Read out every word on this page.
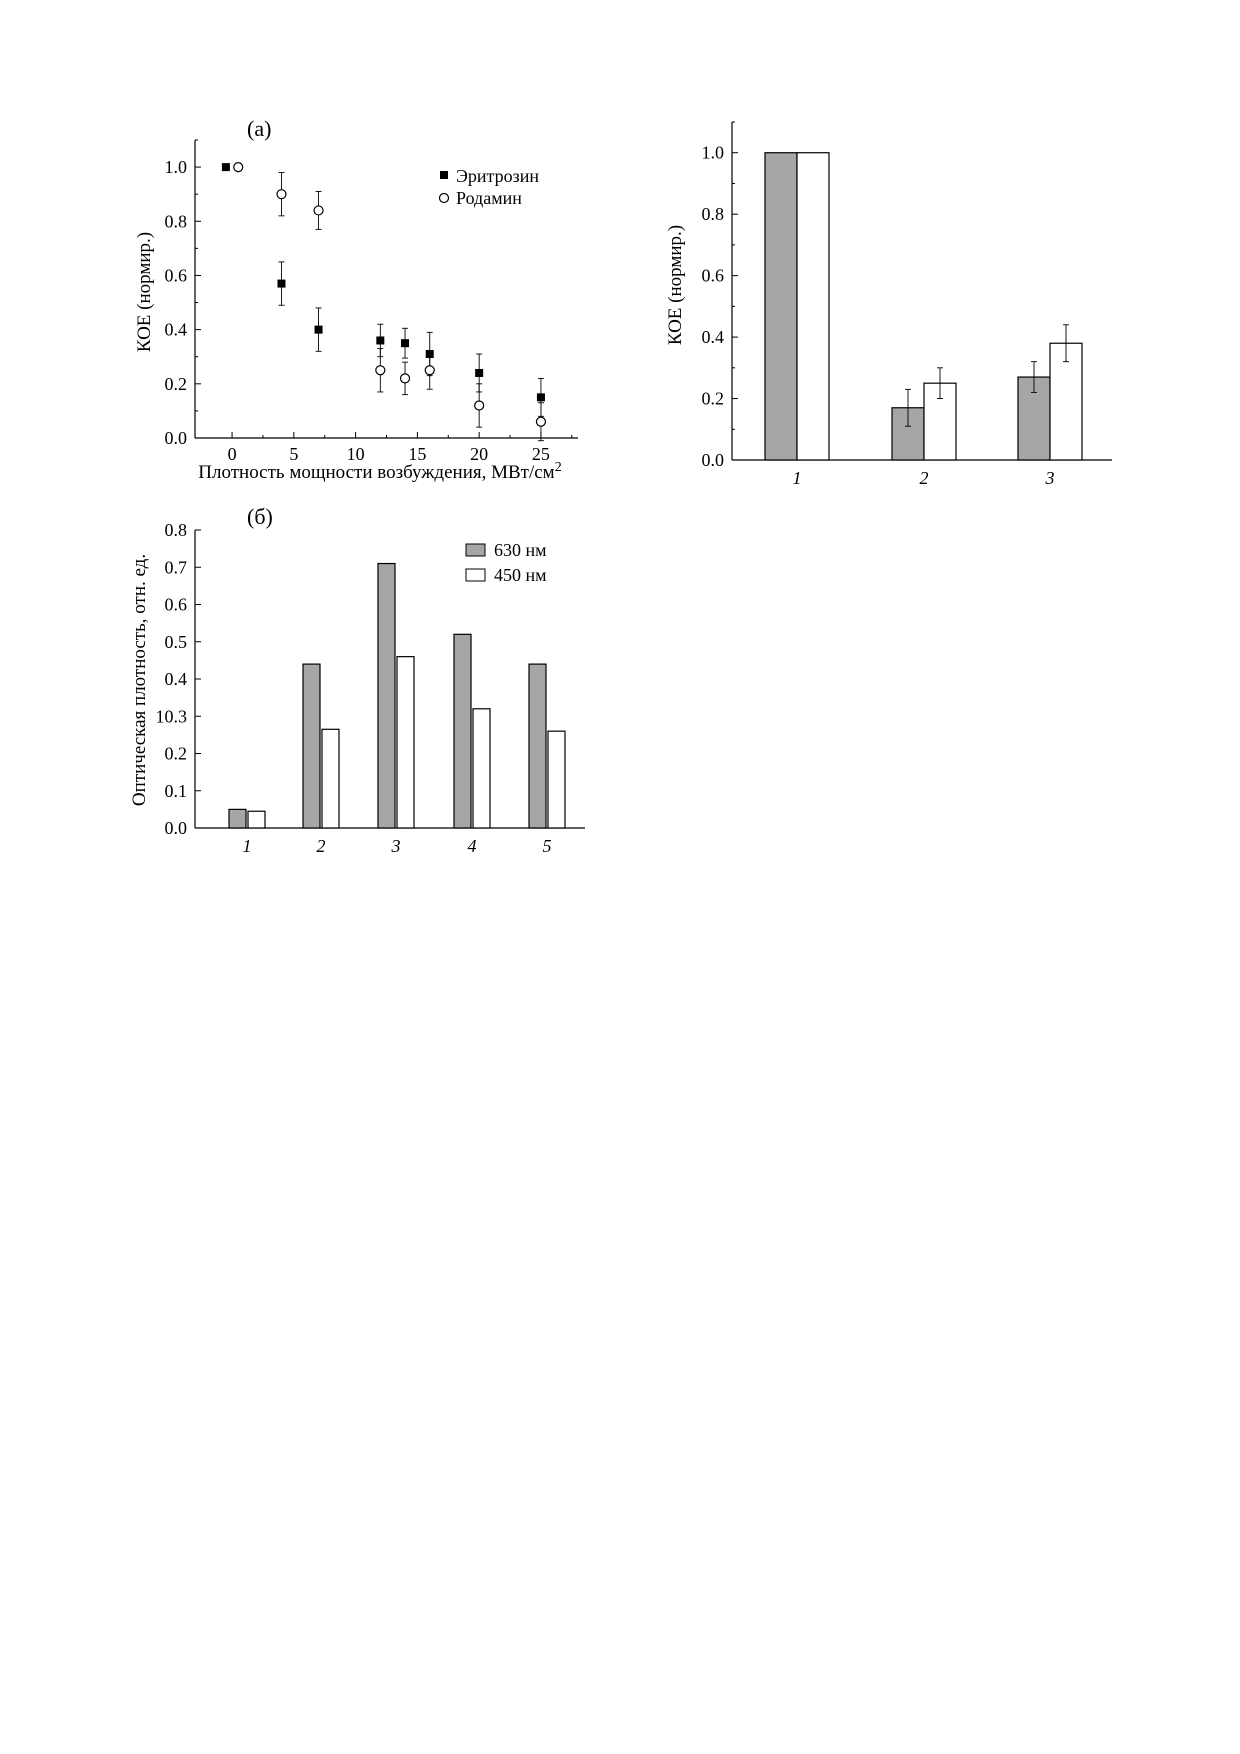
(a)
0	5	10 15 20 25
0.0
0.2
0.4
0.6
0.8
1.0	Эритрозин
Родамин
Плотность мощности возбуждения, МВт/$см^2$
КОЕ (нормир.)
0.0
0.2
0.4
0.6
0.8
1.0
1	2	3
КОЕ (нормир.)
(б)
0.0
0.1
0.2
10.3
0.4
0.5
0.6
0.7
0.8
1	2	3	4	5
630 нм
450 нм
Оптическая плотность, отн. ед.
